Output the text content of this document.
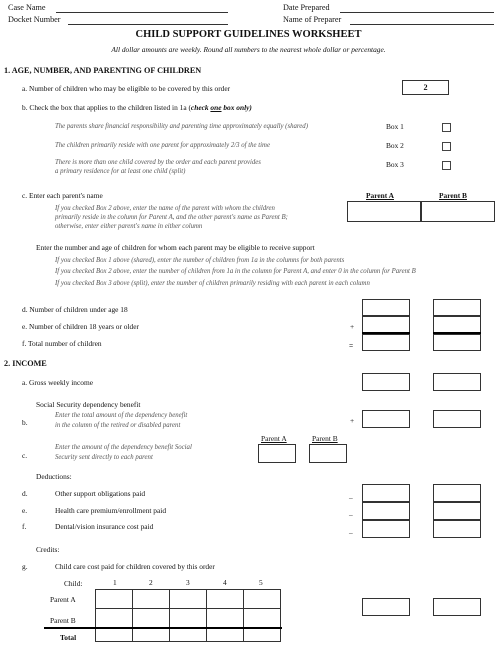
Case Name
Docket Number
Date Prepared
Name of Preparer
CHILD SUPPORT GUIDELINES WORKSHEET
All dollar amounts are weekly. Round all numbers to the nearest whole dollar or percentage.
1. AGE, NUMBER, AND PARENTING OF CHILDREN
a. Number of children who may be eligible to be covered by this order	2
b. Check the box that applies to the children listed in 1a (check one box only)
The parents share financial responsibility and parenting time approximately equally (shared)	Box 1
The children primarily reside with one parent for approximately 2/3 of the time	Box 2
There is more than one child covered by the order and each parent provides
a primary residence for at least one child (split)
Box 3
c. Enter each parent's name	Parent A	Parent B
If you checked Box 2 above, enter the name of the parent with whom the children
primarily reside in the column for Parent A, and the other parent's name as Parent B;
otherwise, enter either parent's name in either column
Enter the number and age of children for whom each parent may be eligible to receive support
If you checked Box 1 above (shared), enter the number of children from 1a in the columns for both parents
If you checked Box 2 above, enter the number of children from 1a in the column for Parent A, and enter 0 in the column for Parent B
If you checked Box 3 above (split), enter the number of children primarily residing with each parent in each column
d. Number of children under age 18
e. Number of children 18 years or older
f. Total number of children
+
=
2. INCOME
a. Gross weekly income
Social Security dependency benefit
b.
Enter the total amount of the dependency benefit
in the column of the retired or disabled parent
+
Parent A	Parent B
c.
Enter the amount of the dependency benefit Social
Security sent directly to each parent
Deductions:
d.	Other support obligations paid
e.	Health care premium/enrollment paid
f.	Dental/vision insurance cost paid
–
–
–
Credits:
g.	Child care cost paid for children covered by this order
Child:	1	2	3	4	5
Parent A
Parent B
Total
